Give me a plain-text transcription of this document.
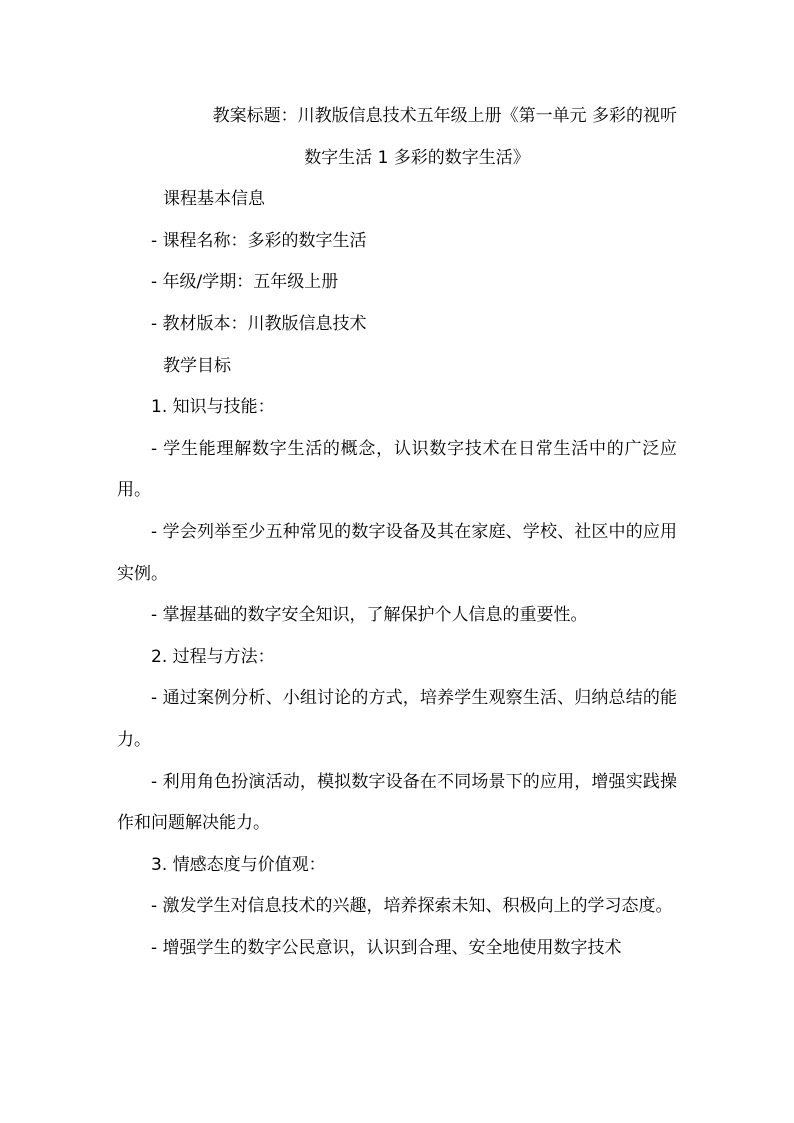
教案标题：川教版信息技术五年级上册《第一单元 多彩的视听

数字生活 1 多彩的数字生活》

课程基本信息

- 课程名称：多彩的数字生活

- 年级/学期：五年级上册

- 教材版本：川教版信息技术

教学目标

1. 知识与技能：

- 学生能理解数字生活的概念，认识数字技术在日常生活中的广泛应用。

- 学会列举至少五种常见的数字设备及其在家庭、学校、社区中的应用实例。

- 掌握基础的数字安全知识，了解保护个人信息的重要性。

2. 过程与方法：

- 通过案例分析、小组讨论的方式，培养学生观察生活、归纳总结的能力。

- 利用角色扮演活动，模拟数字设备在不同场景下的应用，增强实践操作和问题解决能力。

3. 情感态度与价值观：

- 激发学生对信息技术的兴趣，培养探索未知、积极向上的学习态度。

- 增强学生的数字公民意识，认识到合理、安全地使用数字技术
